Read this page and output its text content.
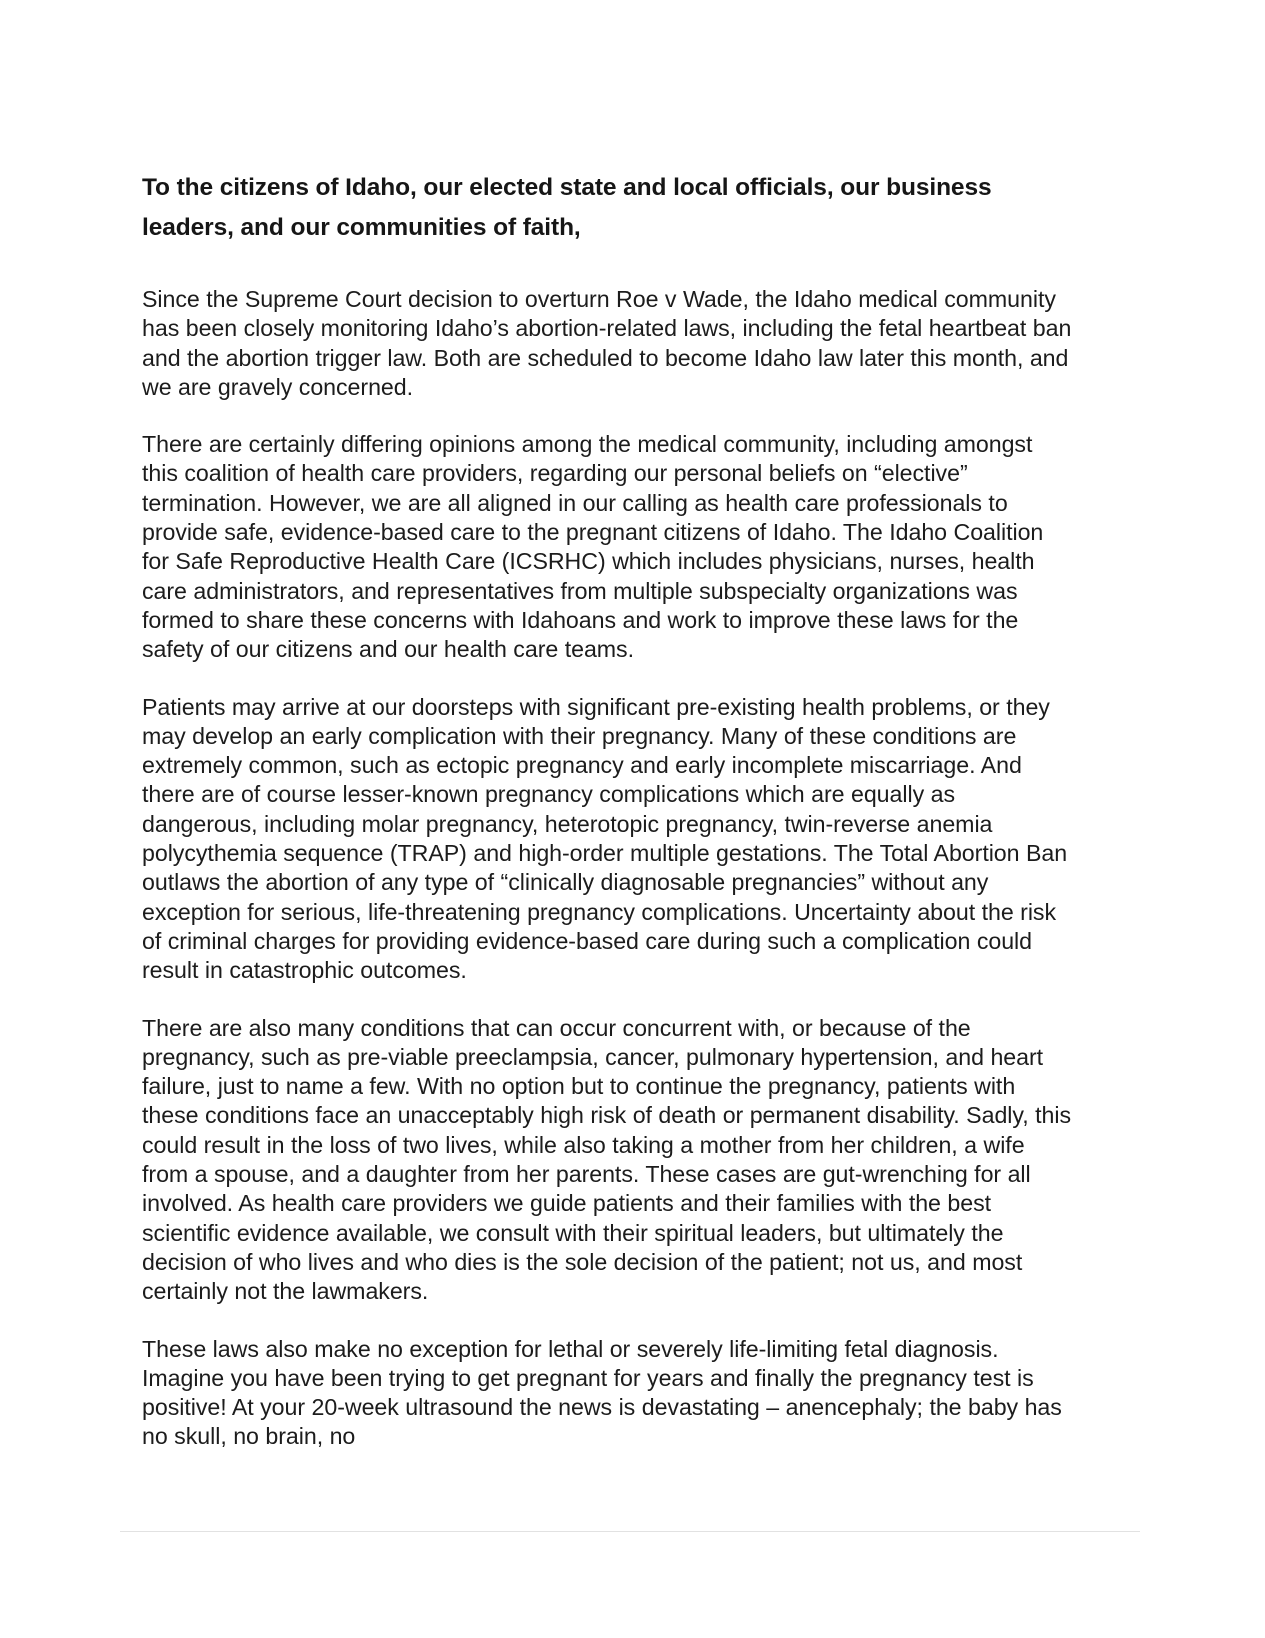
To the citizens of Idaho, our elected state and local officials, our business leaders, and our communities of faith,

Since the Supreme Court decision to overturn Roe v Wade, the Idaho medical community has been closely monitoring Idaho’s abortion-related laws, including the fetal heartbeat ban and the abortion trigger law. Both are scheduled to become Idaho law later this month, and we are gravely concerned.

There are certainly differing opinions among the medical community, including amongst this coalition of health care providers, regarding our personal beliefs on “elective” termination. However, we are all aligned in our calling as health care professionals to provide safe, evidence-based care to the pregnant citizens of Idaho. The Idaho Coalition for Safe Reproductive Health Care (ICSRHC) which includes physicians, nurses, health care administrators, and representatives from multiple subspecialty organizations was formed to share these concerns with Idahoans and work to improve these laws for the safety of our citizens and our health care teams.

Patients may arrive at our doorsteps with significant pre-existing health problems, or they may develop an early complication with their pregnancy. Many of these conditions are extremely common, such as ectopic pregnancy and early incomplete miscarriage. And there are of course lesser-known pregnancy complications which are equally as dangerous, including molar pregnancy, heterotopic pregnancy, twin-reverse anemia polycythemia sequence (TRAP) and high-order multiple gestations. The Total Abortion Ban outlaws the abortion of any type of “clinically diagnosable pregnancies” without any exception for serious, life-threatening pregnancy complications. Uncertainty about the risk of criminal charges for providing evidence-based care during such a complication could result in catastrophic outcomes.

There are also many conditions that can occur concurrent with, or because of the pregnancy, such as pre-viable preeclampsia, cancer, pulmonary hypertension, and heart failure, just to name a few. With no option but to continue the pregnancy, patients with these conditions face an unacceptably high risk of death or permanent disability. Sadly, this could result in the loss of two lives, while also taking a mother from her children, a wife from a spouse, and a daughter from her parents. These cases are gut-wrenching for all involved. As health care providers we guide patients and their families with the best scientific evidence available, we consult with their spiritual leaders, but ultimately the decision of who lives and who dies is the sole decision of the patient; not us, and most certainly not the lawmakers.

These laws also make no exception for lethal or severely life-limiting fetal diagnosis. Imagine you have been trying to get pregnant for years and finally the pregnancy test is positive! At your 20-week ultrasound the news is devastating – anencephaly; the baby has no skull, no brain, no
